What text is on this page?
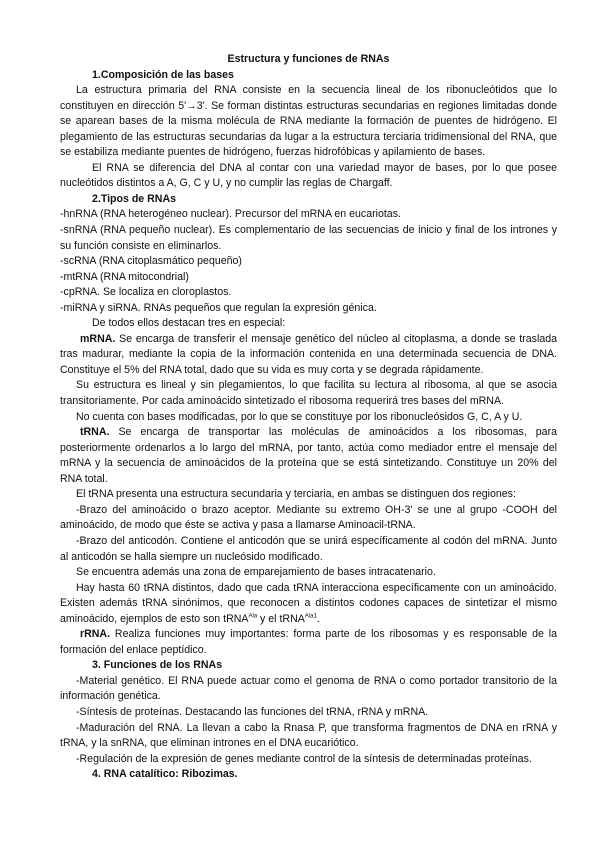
Estructura y funciones de RNAs

1.Composición de las bases

La estructura primaria del RNA consiste en la secuencia lineal de los ribonucleótidos que lo constituyen en dirección 5'→3'. Se forman distintas estructuras secundarias en regiones limitadas donde se aparean bases de la misma molécula de RNA mediante la formación de puentes de hidrógeno. El plegamiento de las estructuras secundarias da lugar a la estructura terciaria tridimensional del RNA, que se estabiliza mediante puentes de hidrógeno, fuerzas hidrofóbicas y apilamiento de bases.

El RNA se diferencia del DNA al contar con una variedad mayor de bases, por lo que posee nucleótidos distintos a A, G, C y U, y no cumplir las reglas de Chargaff.

2.Tipos de RNAs

-hnRNA (RNA heterogéneo nuclear). Precursor del mRNA en eucariotas.

-snRNA (RNA pequeño nuclear). Es complementario de las secuencias de inicio y final de los intrones y su función consiste en eliminarlos.

-scRNA (RNA citoplasmático pequeño)

-mtRNA (RNA mitocondrial)

-cpRNA. Se localiza en cloroplastos.

-miRNA y siRNA. RNAs pequeños que regulan la expresión génica.

De todos ellos destacan tres en especial:

mRNA. Se encarga de transferir el mensaje genético del núcleo al citoplasma, a donde se traslada tras madurar, mediante la copia de la información contenida en una determinada secuencia de DNA. Constituye el 5% del RNA total, dado que su vida es muy corta y se degrada rápidamente.

Su estructura es lineal y sin plegamientos, lo que facilita su lectura al ribosoma, al que se asocia transitoriamente. Por cada aminoácido sintetizado el ribosoma requerirá tres bases del mRNA.

No cuenta con bases modificadas, por lo que se constituye por los ribonucleósidos G, C, A y U.

tRNA. Se encarga de transportar las moléculas de aminoácidos a los ribosomas, para posteriormente ordenarlos a lo largo del mRNA, por tanto, actúa como mediador entre el mensaje del mRNA y la secuencia de aminoácidos de la proteína que se está sintetizando. Constituye un 20% del RNA total.

El tRNA presenta una estructura secundaria y terciaria, en ambas se distinguen dos regiones:

-Brazo del aminoácido o brazo aceptor. Mediante su extremo OH-3' se une al grupo -COOH del aminoácido, de modo que éste se activa y pasa a llamarse Aminoacil-tRNA.

-Brazo del anticodón. Contiene el anticodón que se unirá específicamente al codón del mRNA. Junto al anticodón se halla siempre un nucleósido modificado.

Se encuentra además una zona de emparejamiento de bases intracatenario.

Hay hasta 60 tRNA distintos, dado que cada tRNA interacciona específicamente con un aminoácido. Existen además tRNA sinónimos, que reconocen a distintos codones capaces de sintetizar el mismo aminoácido, ejemplos de esto son tRNA$^{Ala}$ y el tRNA$^{Ala1}$.

rRNA. Realiza funciones muy importantes: forma parte de los ribosomas y es responsable de la formación del enlace peptídico.

3. Funciones de los RNAs

-Material genético. El RNA puede actuar como el genoma de RNA o como portador transitorio de la información genética.

-Síntesis de proteínas. Destacando las funciones del tRNA, rRNA y mRNA.

-Maduración del RNA. La llevan a cabo la Rnasa P, que transforma fragmentos de DNA en rRNA y tRNA, y la snRNA, que eliminan intrones en el DNA eucariótico.

-Regulación de la expresión de genes mediante control de la síntesis de determinadas proteínas.

4. RNA catalítico: Ribozimas.
